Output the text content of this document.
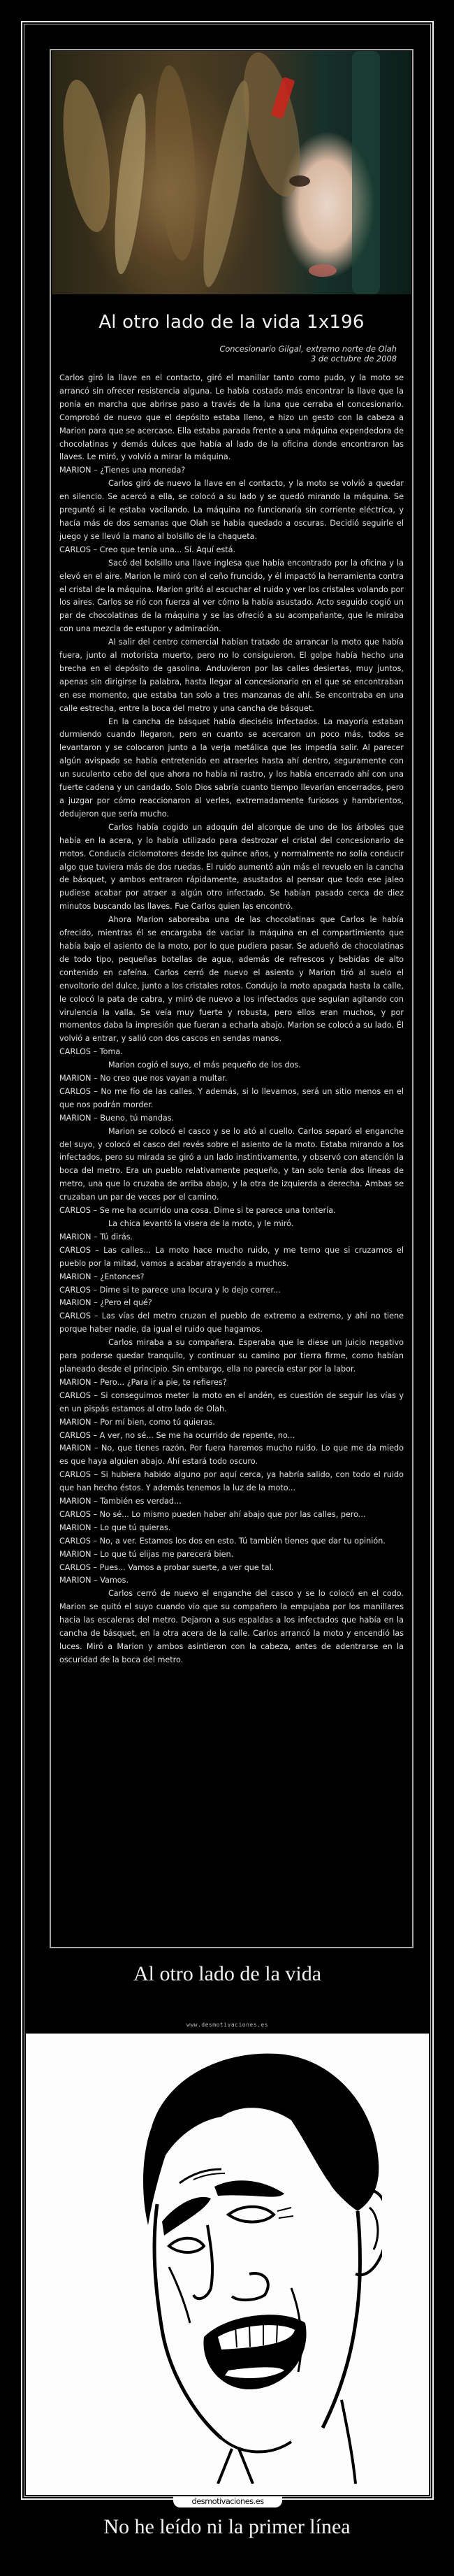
Al otro lado de la vida 1x196
Concesionario Gilgal, extremo norte de Olah
3 de octubre de 2008

Carlos giró la llave en el contacto, giró el manillar tanto como pudo, y la moto se arrancó sin ofrecer resistencia alguna. Le había costado más encontrar la llave que la ponía en marcha que abrirse paso a través de la luna que cerraba el concesionario. Comprobó de nuevo que el depósito estaba lleno, e hizo un gesto con la cabeza a Marion para que se acercase. Ella estaba parada frente a una máquina expendedora de chocolatinas y demás dulces que había al lado de la oficina donde encontraron las llaves. Le miró, y volvió a mirar la máquina.

MARION – ¿Tienes una moneda?

Carlos giró de nuevo la llave en el contacto, y la moto se volvió a quedar en silencio. Se acercó a ella, se colocó a su lado y se quedó mirando la máquina. Se preguntó si le estaba vacilando. La máquina no funcionaría sin corriente eléctrica, y hacía más de dos semanas que Olah se había quedado a oscuras. Decidió seguirle el juego y se llevó la mano al bolsillo de la chaqueta.

CARLOS – Creo que tenía una... Sí. Aquí está.

Sacó del bolsillo una llave inglesa que había encontrado por la oficina y la elevó en el aire. Marion le miró con el ceño fruncido, y él impactó la herramienta contra el cristal de la máquina. Marion gritó al escuchar el ruido y ver los cristales volando por los aires. Carlos se rió con fuerza al ver cómo la había asustado. Acto seguido cogió un par de chocolatinas de la máquina y se las ofreció a su acompañante, que le miraba con una mezcla de estupor y admiración.

Al salir del centro comercial habían tratado de arrancar la moto que había fuera, junto al motorista muerto, pero no lo consiguieron. El golpe había hecho una brecha en el depósito de gasolina. Anduvieron por las calles desiertas, muy juntos, apenas sin dirigirse la palabra, hasta llegar al concesionario en el que se encontraban en ese momento, que estaba tan solo a tres manzanas de ahí. Se encontraba en una calle estrecha, entre la boca del metro y una cancha de básquet.

En la cancha de básquet había dieciséis infectados. La mayoría estaban durmiendo cuando llegaron, pero en cuanto se acercaron un poco más, todos se levantaron y se colocaron junto a la verja metálica que les impedía salir. Al parecer algún avispado se había entretenido en atraerles hasta ahí dentro, seguramente con un suculento cebo del que ahora no había ni rastro, y los había encerrado ahí con una fuerte cadena y un candado. Solo Dios sabría cuanto tiempo llevarían encerrados, pero a juzgar por cómo reaccionaron al verles, extremadamente furiosos y hambrientos, dedujeron que sería mucho.

Carlos había cogido un adoquín del alcorque de uno de los árboles que había en la acera, y lo había utilizado para destrozar el cristal del concesionario de motos. Conducía ciclomotores desde los quince años, y normalmente no solía conducir algo que tuviera más de dos ruedas. El ruido aumentó aún más el revuelo en la cancha de básquet, y ambos entraron rápidamente, asustados al pensar que todo ese jaleo pudiese acabar por atraer a algún otro infectado. Se habían pasado cerca de diez minutos buscando las llaves. Fue Carlos quien las encontró.

Ahora Marion saboreaba una de las chocolatinas que Carlos le había ofrecido, mientras él se encargaba de vaciar la máquina en el compartimiento que había bajo el asiento de la moto, por lo que pudiera pasar. Se adueñó de chocolatinas de todo tipo, pequeñas botellas de agua, además de refrescos y bebidas de alto contenido en cafeína. Carlos cerró de nuevo el asiento y Marion tiró al suelo el envoltorio del dulce, junto a los cristales rotos. Condujo la moto apagada hasta la calle, le colocó la pata de cabra, y miró de nuevo a los infectados que seguían agitando con virulencia la valla. Se veía muy fuerte y robusta, pero ellos eran muchos, y por momentos daba la impresión que fueran a echarla abajo. Marion se colocó a su lado. Él volvió a entrar, y salió con dos cascos en sendas manos.

CARLOS – Toma.

Marion cogió el suyo, el más pequeño de los dos.

MARION – No creo que nos vayan a multar.

CARLOS – No me fío de las calles. Y además, si lo llevamos, será un sitio menos en el que nos podrán morder.

MARION – Bueno, tú mandas.

Marion se colocó el casco y se lo ató al cuello. Carlos separó el enganche del suyo, y colocó el casco del revés sobre el asiento de la moto. Estaba mirando a los infectados, pero su mirada se giró a un lado instintivamente, y observó con atención la boca del metro. Era un pueblo relativamente pequeño, y tan solo tenía dos líneas de metro, una que lo cruzaba de arriba abajo, y la otra de izquierda a derecha. Ambas se cruzaban un par de veces por el camino.

CARLOS – Se me ha ocurrido una cosa. Dime si te parece una tontería.

La chica levantó la visera de la moto, y le miró.

MARION – Tú dirás.

CARLOS – Las calles... La moto hace mucho ruido, y me temo que si cruzamos el pueblo por la mitad, vamos a acabar atrayendo a muchos.

MARION – ¿Entonces?

CARLOS – Dime si te parece una locura y lo dejo correr...

MARION – ¿Pero el qué?

CARLOS – Las vías del metro cruzan el pueblo de extremo a extremo, y ahí no tiene porque haber nadie, da igual el ruido que hagamos.

Carlos miraba a su compañera. Esperaba que le diese un juicio negativo para poderse quedar tranquilo, y continuar su camino por tierra firme, como habían planeado desde el principio. Sin embargo, ella no parecía estar por la labor.

MARION – Pero... ¿Para ir a pie, te refieres?

CARLOS – Si conseguimos meter la moto en el andén, es cuestión de seguir las vías y en un pispás estamos al otro lado de Olah.

MARION – Por mí bien, como tú quieras.

CARLOS – A ver, no sé... Se me ha ocurrido de repente, no...

MARION – No, que tienes razón. Por fuera haremos mucho ruido. Lo que me da miedo es que haya alguien abajo. Ahí estará todo oscuro.

CARLOS – Si hubiera habido alguno por aquí cerca, ya habría salido, con todo el ruido que han hecho éstos. Y además tenemos la luz de la moto...

MARION – También es verdad...

CARLOS – No sé... Lo mismo pueden haber ahí abajo que por las calles, pero...

MARION – Lo que tú quieras.

CARLOS – No, a ver. Estamos los dos en esto. Tú también tienes que dar tu opinión.

MARION – Lo que tú elijas me parecerá bien.

CARLOS – Pues... Vamos a probar suerte, a ver que tal.

MARION – Vamos.

Carlos cerró de nuevo el enganche del casco y se lo colocó en el codo. Marion se quitó el suyo cuando vio que su compañero la empujaba por los manillares hacia las escaleras del metro. Dejaron a sus espaldas a los infectados que había en la cancha de básquet, en la otra acera de la calle. Carlos arrancó la moto y encendió las luces. Miró a Marion y ambos asintieron con la cabeza, antes de adentrarse en la oscuridad de la boca del metro.

Al otro lado de la vida
www.desmotivaciones.es
desmotivaciones.es
No he leído ni la primer línea
